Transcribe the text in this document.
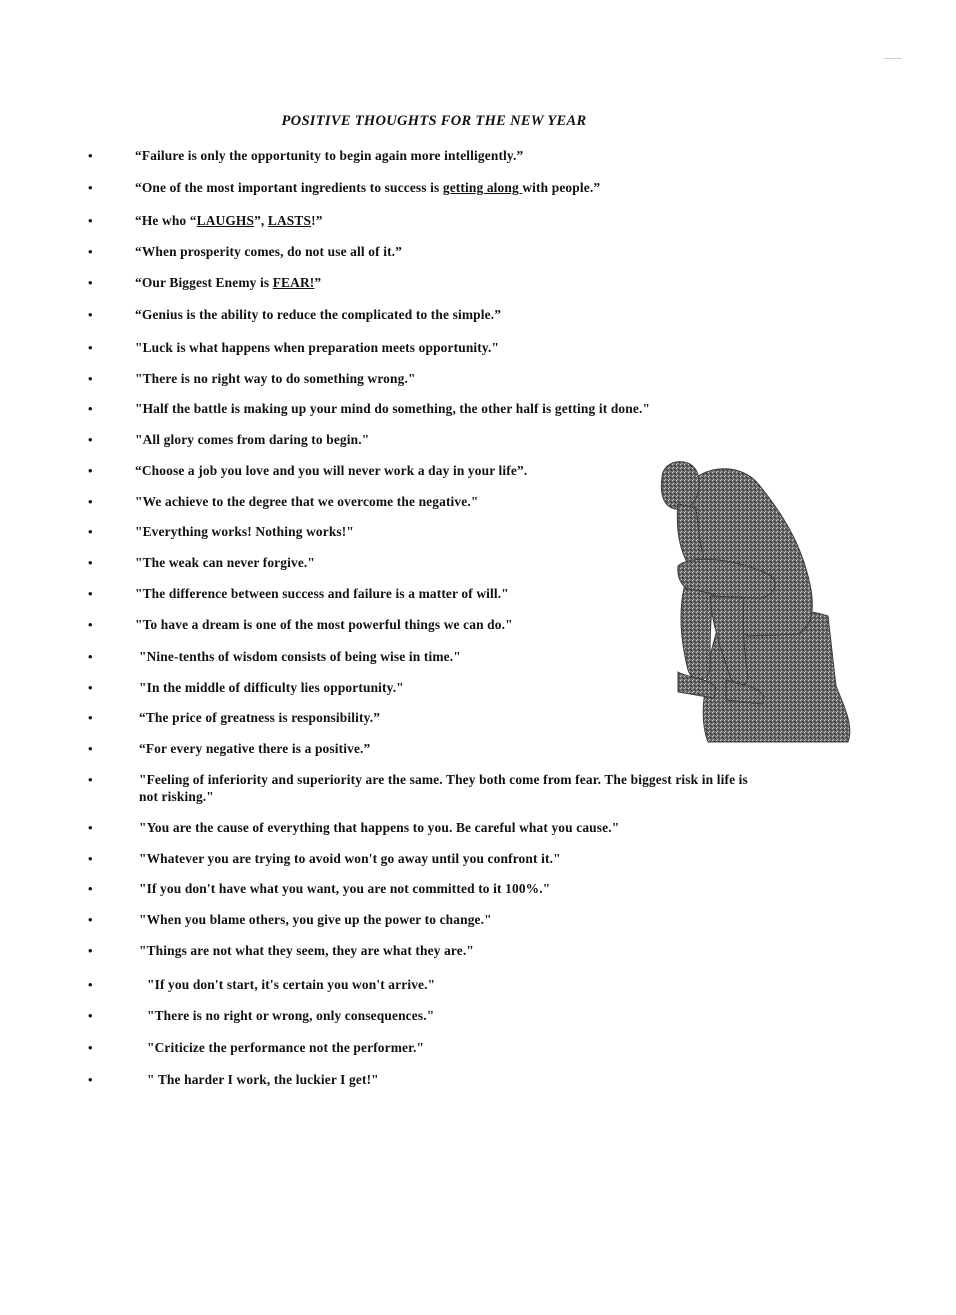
POSITIVE THOUGHTS FOR THE NEW YEAR
•	“Failure is only the opportunity to begin again more intelligently.”
•	“One of the most important ingredients to success is getting along with people.”
•	“He who “LAUGHS”, LASTS!”
•	“When prosperity comes, do not use all of it.”
•	“Our Biggest Enemy is FEAR!”
•	“Genius is the ability to reduce the complicated to the simple.”
•	"Luck is what happens when preparation meets opportunity."
•	"There is no right way to do something wrong."
•	"Half the battle is making up your mind do something, the other half is getting it done."
•	"All glory comes from daring to begin."
•	“Choose a job you love and you will never work a day in your life”.
•	"We achieve to the degree that we overcome the negative."
•	"Everything works! Nothing works!"
•	"The weak can never forgive."
•	"The difference between success and failure is a matter of will."
•	"To have a dream is one of the most powerful things we can do."
•	"Nine-tenths of wisdom consists of being wise in time."
•	"In the middle of difficulty lies opportunity."
•	“The price of greatness is responsibility.”
•	“For every negative there is a positive.”
•	"Feeling of inferiority and superiority are the same. They both come from fear. The biggest risk in life is not risking."
•	"You are the cause of everything that happens to you. Be careful what you cause."
•	"Whatever you are trying to avoid won't go away until you confront it."
•	"If you don't have what you want, you are not committed to it 100%."
•	"When you blame others, you give up the power to change."
•	"Things are not what they seem, they are what they are."
•	"If you don't start, it's certain you won't arrive."
•	"There is no right or wrong, only consequences."
•	"Criticize the performance not the performer."
•	" The harder I work, the luckier I get!"
